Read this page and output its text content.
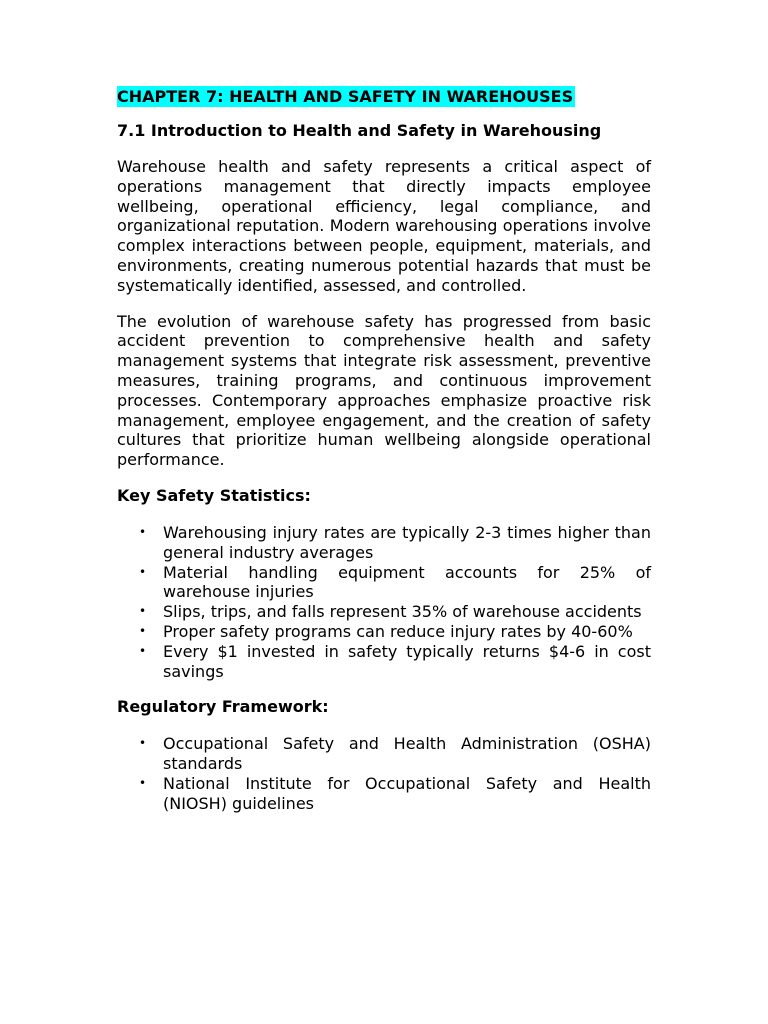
CHAPTER 7: HEALTH AND SAFETY IN WAREHOUSES
7.1 Introduction to Health and Safety in Warehousing

Warehouse health and safety represents a critical aspect of operations management that directly impacts employee wellbeing, operational efficiency, legal compliance, and organizational reputation. Modern warehousing operations involve complex interactions between people, equipment, materials, and environments, creating numerous potential hazards that must be systematically identified, assessed, and controlled.

The evolution of warehouse safety has progressed from basic accident prevention to comprehensive health and safety management systems that integrate risk assessment, preventive measures, training programs, and continuous improvement processes. Contemporary approaches emphasize proactive risk management, employee engagement, and the creation of safety cultures that prioritize human wellbeing alongside operational performance.

Key Safety Statistics:
• Warehousing injury rates are typically 2-3 times higher than general industry averages
• Material handling equipment accounts for 25% of warehouse injuries
• Slips, trips, and falls represent 35% of warehouse accidents
• Proper safety programs can reduce injury rates by 40-60%
• Every $1 invested in safety typically returns $4-6 in cost savings
Regulatory Framework:
• Occupational Safety and Health Administration (OSHA) standards
• National Institute for Occupational Safety and Health (NIOSH) guidelines
